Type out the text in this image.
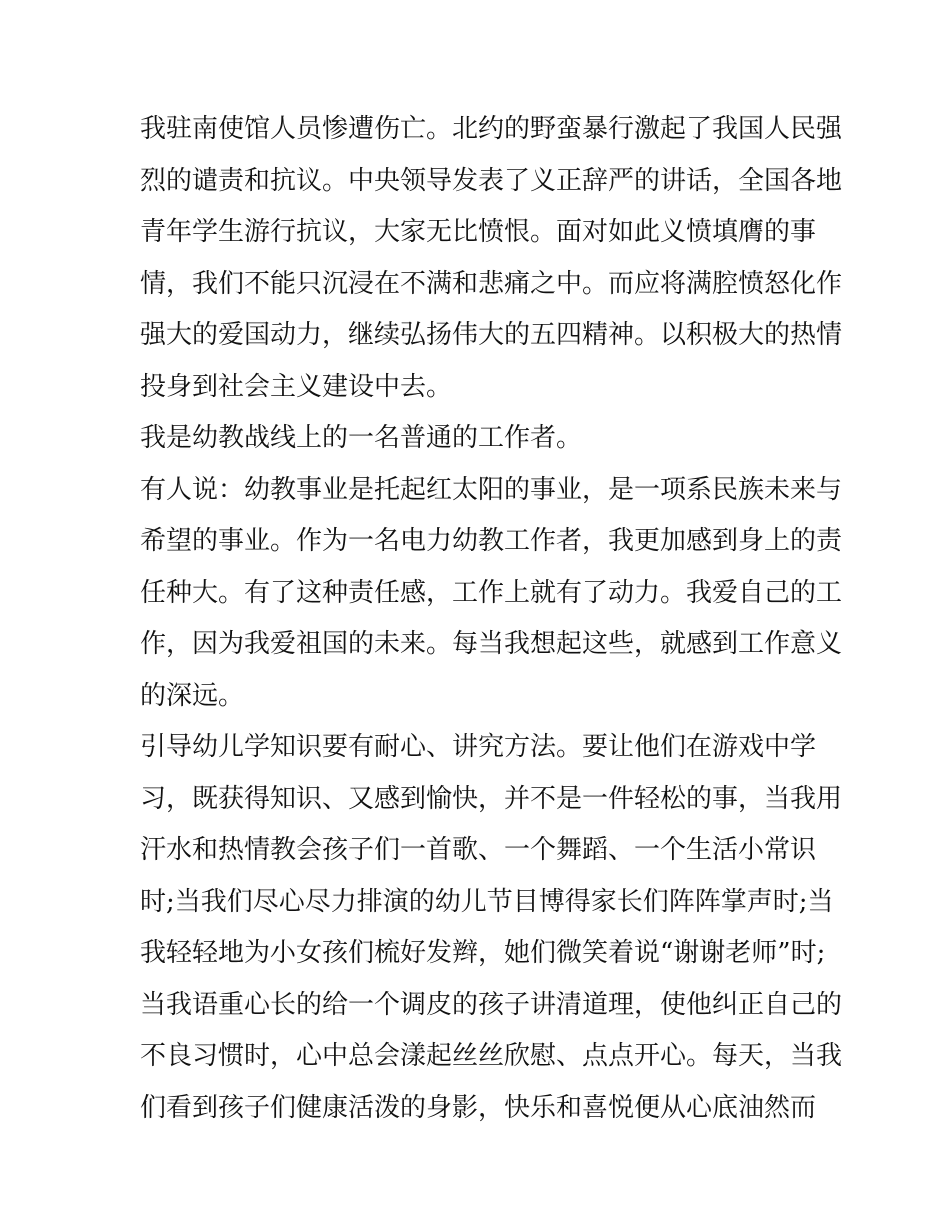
我驻南使馆人员惨遭伤亡。北约的野蛮暴行激起了我国人民强

烈的谴责和抗议。中央领导发表了义正辞严的讲话，全国各地

青年学生游行抗议，大家无比愤恨。面对如此义愤填膺的事

情，我们不能只沉浸在不满和悲痛之中。而应将满腔愤怒化作

强大的爱国动力，继续弘扬伟大的五四精神。以积极大的热情

投身到社会主义建设中去。

我是幼教战线上的一名普通的工作者。

有人说：幼教事业是托起红太阳的事业，是一项系民族未来与

希望的事业。作为一名电力幼教工作者，我更加感到身上的责

任种大。有了这种责任感，工作上就有了动力。我爱自己的工

作，因为我爱祖国的未来。每当我想起这些，就感到工作意义

的深远。

引导幼儿学知识要有耐心、讲究方法。要让他们在游戏中学

习，既获得知识、又感到愉快，并不是一件轻松的事，当我用

汗水和热情教会孩子们一首歌、一个舞蹈、一个生活小常识

时;当我们尽心尽力排演的幼儿节目博得家长们阵阵掌声时;当

我轻轻地为小女孩们梳好发辫，她们微笑着说“谢谢老师”时;

当我语重心长的给一个调皮的孩子讲清道理，使他纠正自己的

不良习惯时，心中总会漾起丝丝欣慰、点点开心。每天，当我

们看到孩子们健康活泼的身影，快乐和喜悦便从心底油然而
